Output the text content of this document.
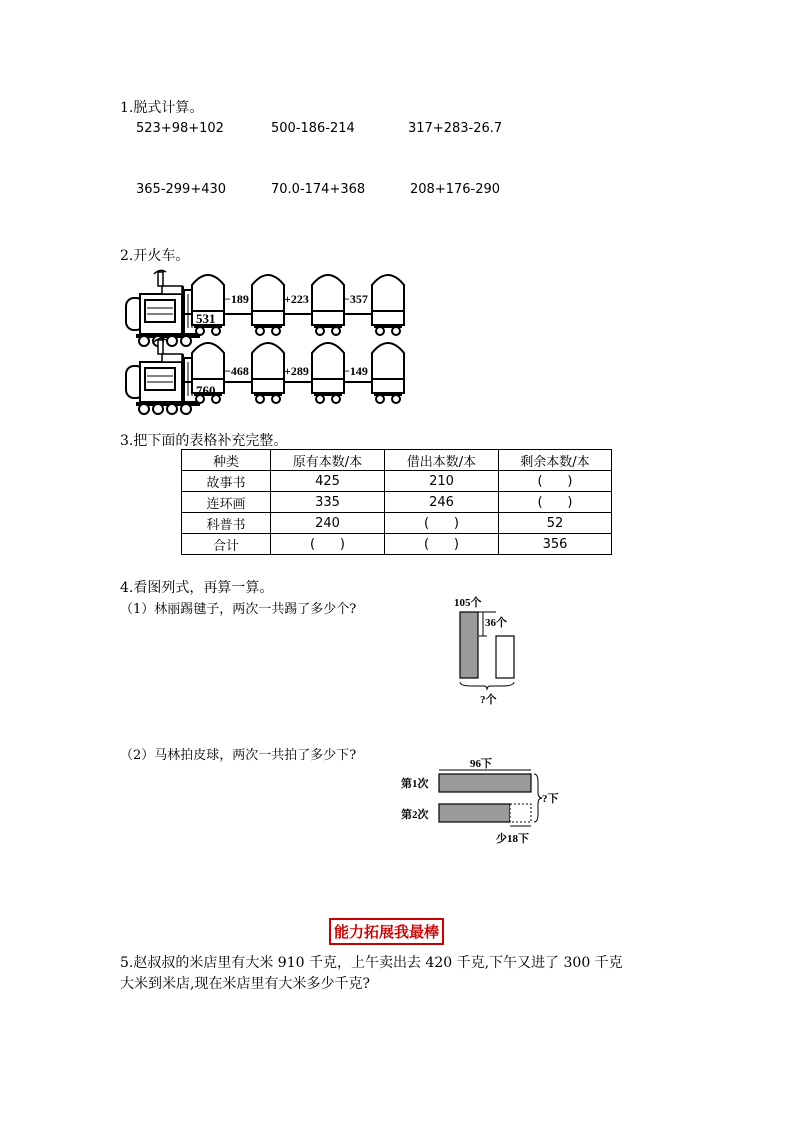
1.脱式计算。
523+98+102	500-186-214	317+283-26.7
365-299+430	70.0-174+368	208+176-290
2.开火车。
531
−189	+223	−357
760
−468	+289	−149
3.把下面的表格补充完整。
种类	原有本数/本	借出本数/本	剩余本数/本
故事书	425	210	(      )
连环画	335	246	(      )
科普书	240	(      )	52
合计	(      )	(      )	356
4.看图列式，再算一算。
（1）林丽踢毽子，两次一共踢了多少个?	105个
36个
?个
（2）马林拍皮球，两次一共拍了多少下?
96下
第1次
第2次
?下
少18下
能力拓展我最棒
5.赵叔叔的米店里有大米 910 千克，上午卖出去 420 千克,下午又进了 300 千克
大米到米店,现在米店里有大米多少千克?
